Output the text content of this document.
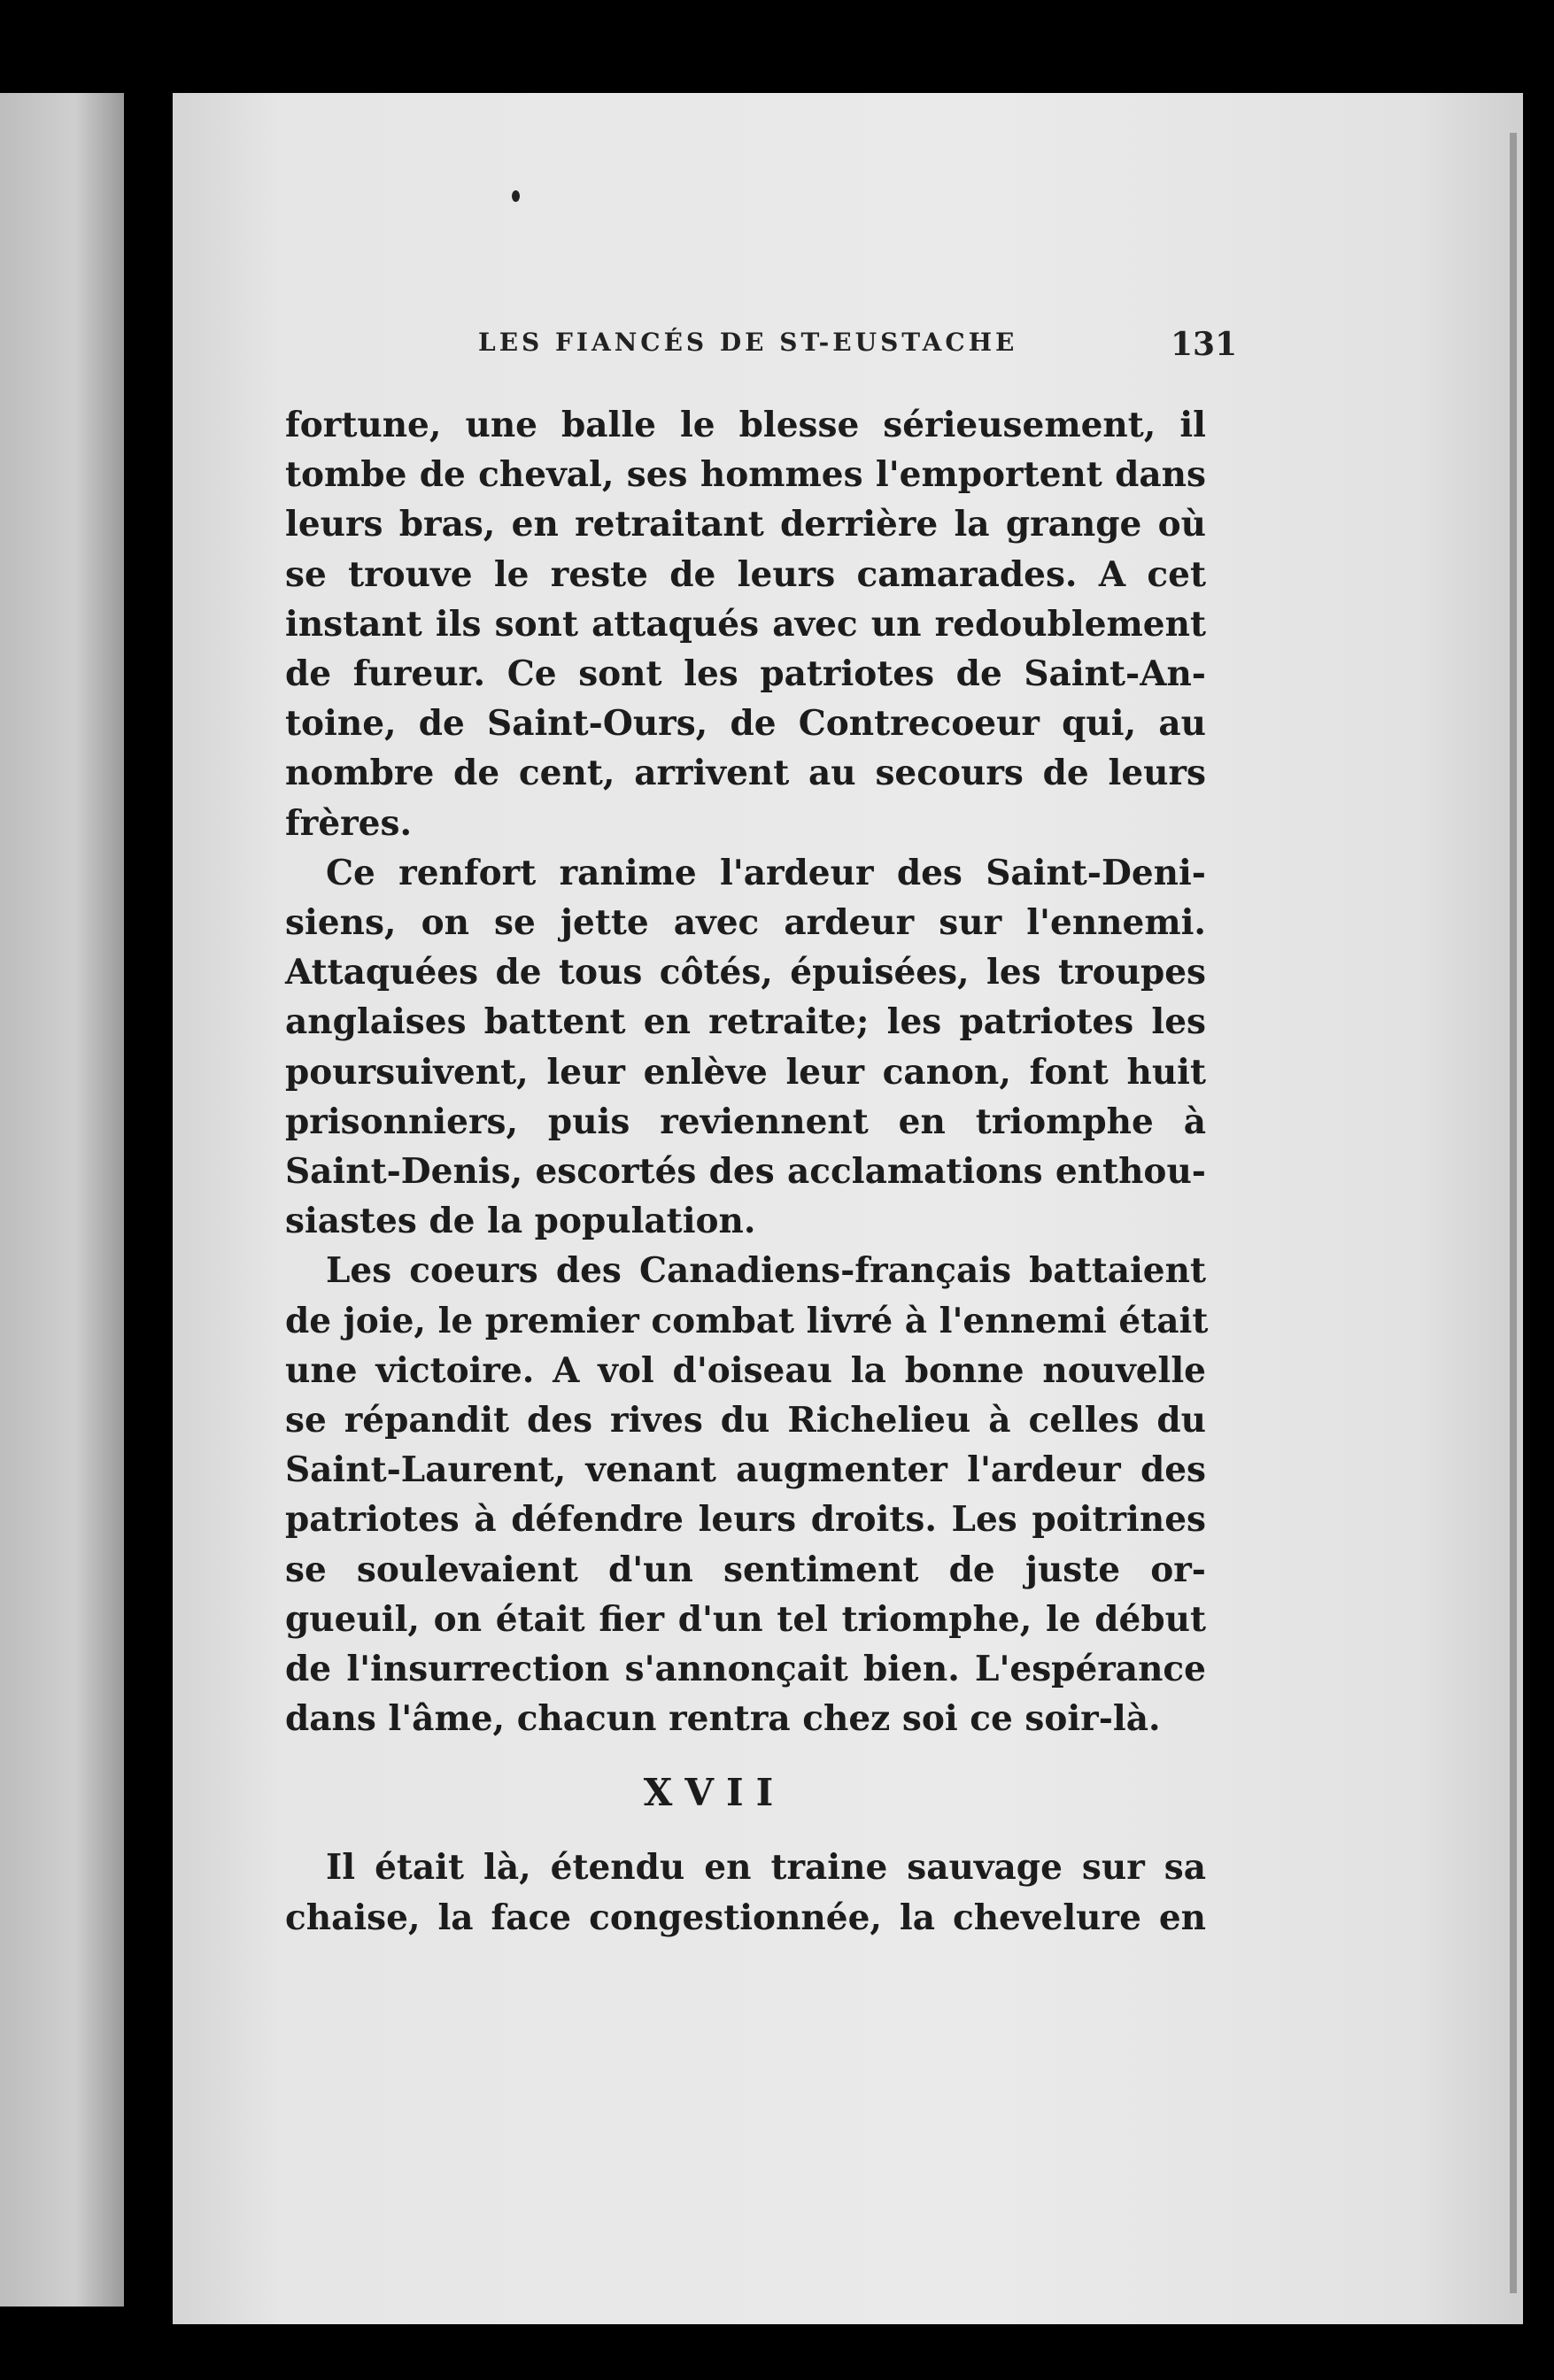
LES FIANCÉS DE ST-EUSTACHE	131
fortune, une balle le blesse sérieusement, il
tombe de cheval, ses hommes l'emportent dans
leurs bras, en retraitant derrière la grange où
se trouve le reste de leurs camarades. A cet
instant ils sont attaqués avec un redoublement
de fureur. Ce sont les patriotes de Saint-An-
toine, de Saint-Ours, de Contrecoeur qui, au
nombre de cent, arrivent au secours de leurs
frères.
Ce renfort ranime l'ardeur des Saint-Deni-
siens, on se jette avec ardeur sur l'ennemi.
Attaquées de tous côtés, épuisées, les troupes
anglaises battent en retraite; les patriotes les
poursuivent, leur enlève leur canon, font huit
prisonniers, puis reviennent en triomphe à
Saint-Denis, escortés des acclamations enthou-
siastes de la population.
Les coeurs des Canadiens-français battaient
de joie, le premier combat livré à l'ennemi était
une victoire. A vol d'oiseau la bonne nouvelle
se répandit des rives du Richelieu à celles du
Saint-Laurent, venant augmenter l'ardeur des
patriotes à défendre leurs droits. Les poitrines
se soulevaient d'un sentiment de juste or-
gueuil, on était fier d'un tel triomphe, le début
de l'insurrection s'annonçait bien. L'espérance
dans l'âme, chacun rentra chez soi ce soir-là.
XVII
Il était là, étendu en traine sauvage sur sa
chaise, la face congestionnée, la chevelure en
